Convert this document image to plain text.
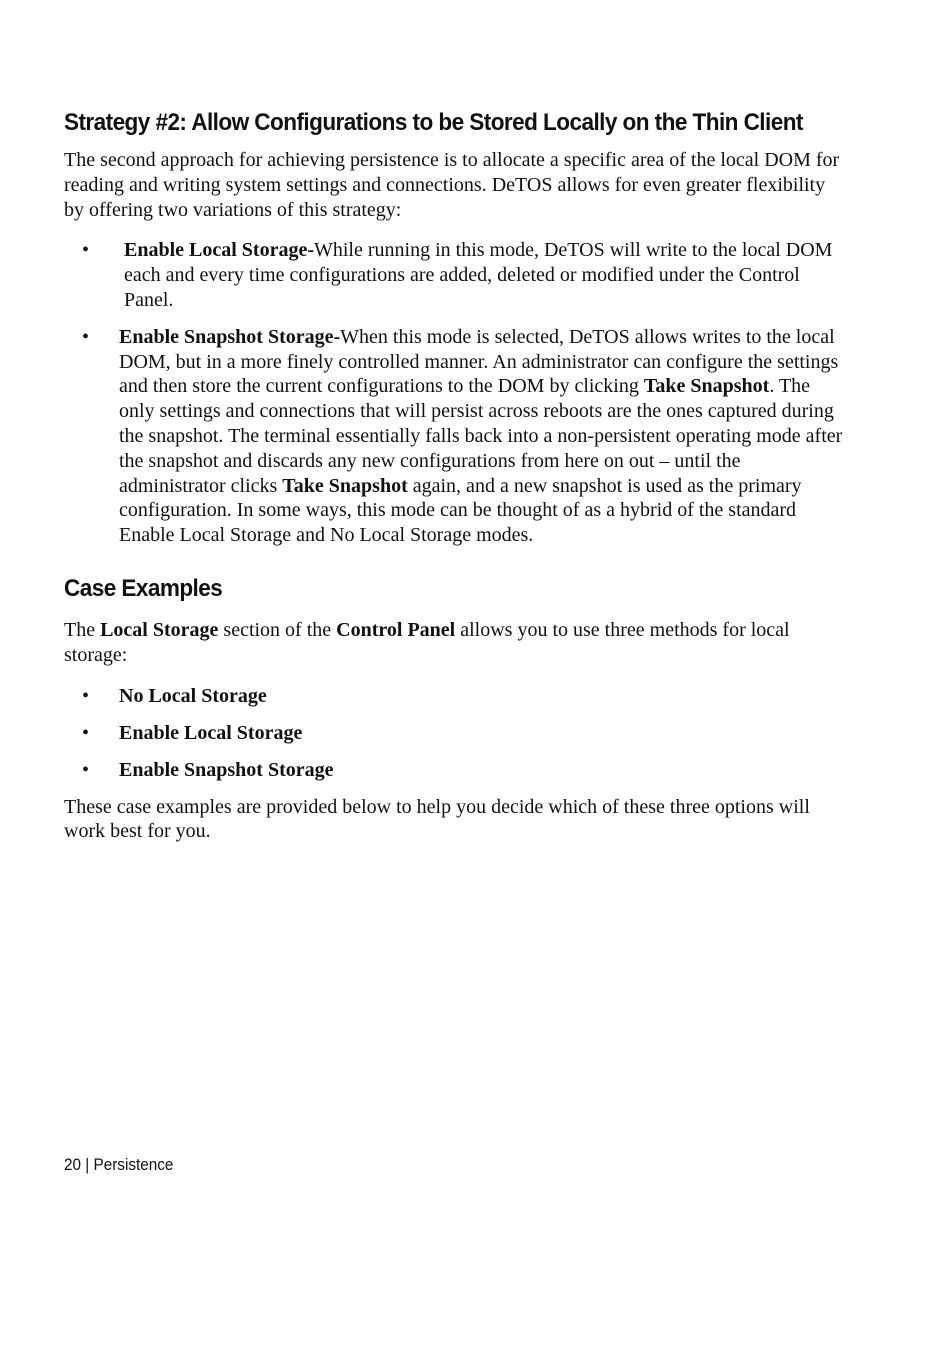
Strategy #2: Allow Configurations to be Stored Locally on the Thin Client

The second approach for achieving persistence is to allocate a specific area of the local DOM for reading and writing system settings and connections. DeTOS allows for even greater flexibility by offering two variations of this strategy:

• Enable Local Storage-While running in this mode, DeTOS will write to the local DOM each and every time configurations are added, deleted or modified under the Control Panel.
• Enable Snapshot Storage-When this mode is selected, DeTOS allows writes to the local DOM, but in a more finely controlled manner. An administrator can configure the settings and then store the current configurations to the DOM by clicking Take Snapshot. The only settings and connections that will persist across reboots are the ones captured during the snapshot. The terminal essentially falls back into a non-persistent operating mode after the snapshot and discards any new configurations from here on out – until the administrator clicks Take Snapshot again, and a new snapshot is used as the primary configuration. In some ways, this mode can be thought of as a hybrid of the standard Enable Local Storage and No Local Storage modes.
Case Examples

The Local Storage section of the Control Panel allows you to use three methods for local storage:

• No Local Storage
• Enable Local Storage
• Enable Snapshot Storage

These case examples are provided below to help you decide which of these three options will work best for you.

20 | Persistence
